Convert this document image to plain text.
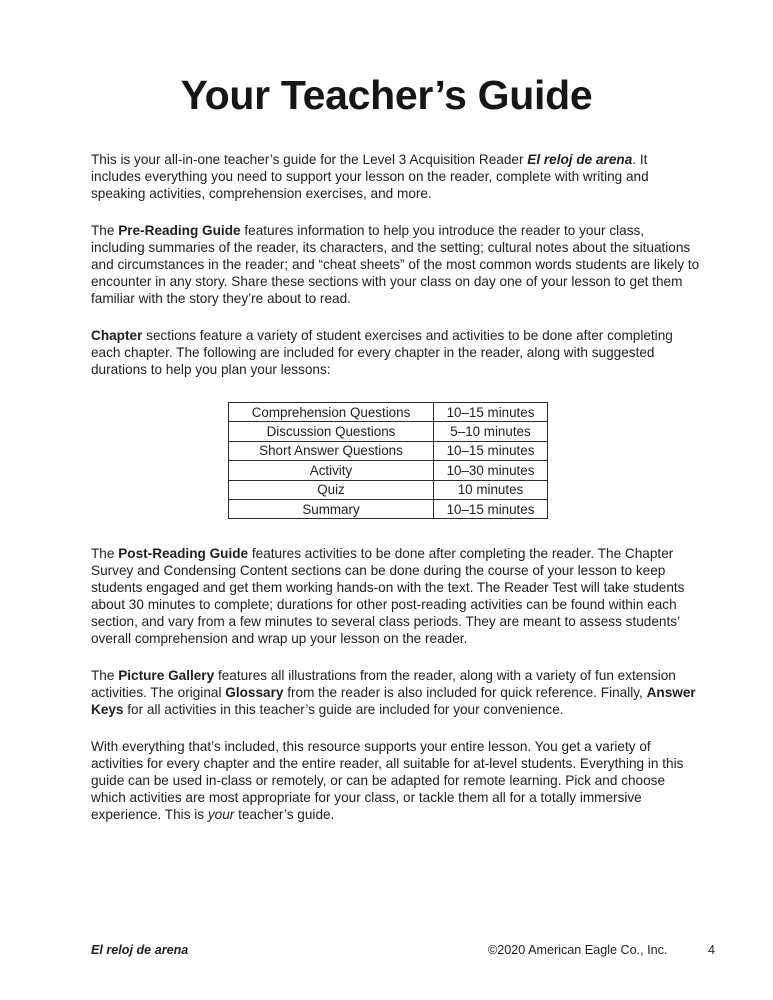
Your Teacher’s Guide

This is your all-in-one teacher’s guide for the Level 3 Acquisition Reader El reloj de arena. It includes everything you need to support your lesson on the reader, complete with writing and speaking activities, comprehension exercises, and more.

The Pre-Reading Guide features information to help you introduce the reader to your class, including summaries of the reader, its characters, and the setting; cultural notes about the situations and circumstances in the reader; and “cheat sheets” of the most common words students are likely to encounter in any story. Share these sections with your class on day one of your lesson to get them familiar with the story they’re about to read.

Chapter sections feature a variety of student exercises and activities to be done after completing each chapter. The following are included for every chapter in the reader, along with suggested durations to help you plan your lessons:

Comprehension Questions	10–15 minutes
Discussion Questions	5–10 minutes
Short Answer Questions	10–15 minutes
Activity	10–30 minutes
Quiz	10 minutes
Summary	10–15 minutes

The Post-Reading Guide features activities to be done after completing the reader. The Chapter Survey and Condensing Content sections can be done during the course of your lesson to keep students engaged and get them working hands-on with the text. The Reader Test will take students about 30 minutes to complete; durations for other post-reading activities can be found within each section, and vary from a few minutes to several class periods. They are meant to assess students’ overall comprehension and wrap up your lesson on the reader.

The Picture Gallery features all illustrations from the reader, along with a variety of fun extension activities. The original Glossary from the reader is also included for quick reference. Finally, Answer Keys for all activities in this teacher’s guide are included for your convenience.

With everything that’s included, this resource supports your entire lesson. You get a variety of activities for every chapter and the entire reader, all suitable for at-level students. Everything in this guide can be used in-class or remotely, or can be adapted for remote learning. Pick and choose which activities are most appropriate for your class, or tackle them all for a totally immersive experience. This is your teacher’s guide.

El reloj de arena	©2020 American Eagle Co., Inc.	4
